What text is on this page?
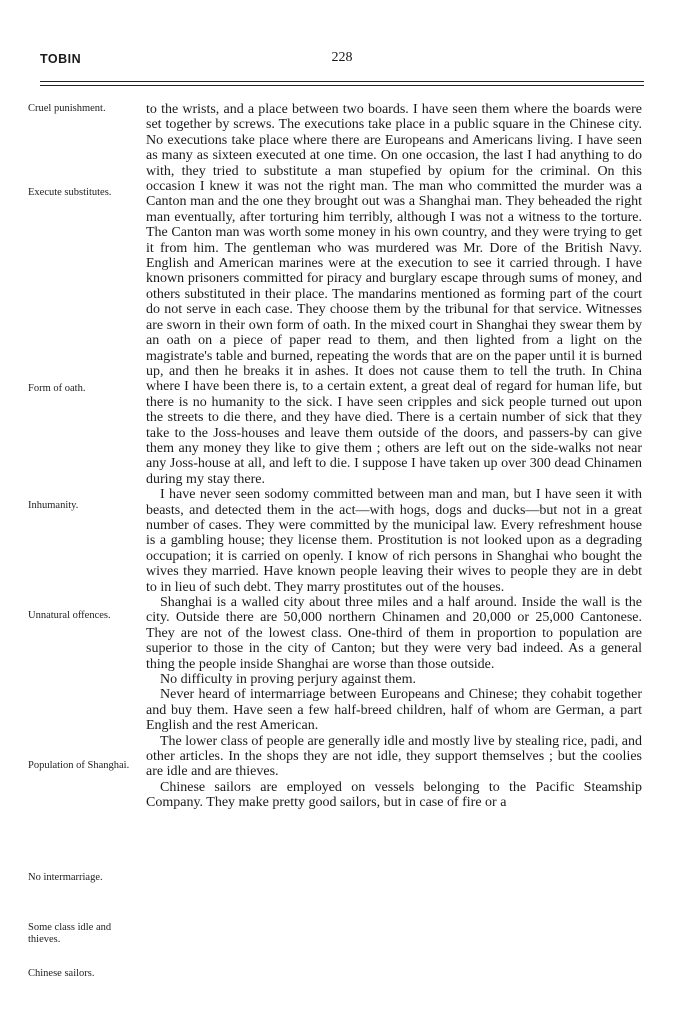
TOBIN	228
Cruel punishment.
Execute substitutes.
Form of oath.
Inhumanity.
Unnatural offences.
Population of Shanghai.
No intermarriage.
Some class idle and thieves.
Chinese sailors.

to the wrists, and a place between two boards. I have seen them where the boards were set together by screws. The executions take place in a public square in the Chinese city. No executions take place where there are Europeans and Americans living. I have seen as many as sixteen executed at one time. On one occasion, the last I had anything to do with, they tried to substitute a man stupefied by opium for the criminal. On this occasion I knew it was not the right man. The man who committed the murder was a Canton man and the one they brought out was a Shanghai man. They beheaded the right man eventually, after torturing him terribly, although I was not a witness to the torture. The Canton man was worth some money in his own country, and they were trying to get it from him. The gentleman who was murdered was Mr. Dore of the British Navy. English and American marines were at the execution to see it carried through. I have known prisoners committed for piracy and burglary escape through sums of money, and others substituted in their place. The mandarins mentioned as forming part of the court do not serve in each case. They choose them by the tribunal for that service. Witnesses are sworn in their own form of oath. In the mixed court in Shanghai they swear them by an oath on a piece of paper read to them, and then lighted from a light on the magistrate's table and burned, repeating the words that are on the paper until it is burned up, and then he breaks it in ashes. It does not cause them to tell the truth. In China where I have been there is, to a certain extent, a great deal of regard for human life, but there is no humanity to the sick. I have seen cripples and sick people turned out upon the streets to die there, and they have died. There is a certain number of sick that they take to the Joss-houses and leave them outside of the doors, and passers-by can give them any money they like to give them ; others are left out on the side-walks not near any Joss-house at all, and left to die. I suppose I have taken up over 300 dead Chinamen during my stay there.

I have never seen sodomy committed between man and man, but I have seen it with beasts, and detected them in the act—with hogs, dogs and ducks—but not in a great number of cases. They were committed by the municipal law. Every refreshment house is a gambling house; they license them. Prostitution is not looked upon as a degrading occupation; it is carried on openly. I know of rich persons in Shanghai who bought the wives they married. Have known people leaving their wives to people they are in debt to in lieu of such debt. They marry prostitutes out of the houses.

Shanghai is a walled city about three miles and a half around. Inside the wall is the city. Outside there are 50,000 northern Chinamen and 20,000 or 25,000 Cantonese. They are not of the lowest class. One-third of them in proportion to population are superior to those in the city of Canton; but they were very bad indeed. As a general thing the people inside Shanghai are worse than those outside.

No difficulty in proving perjury against them.

Never heard of intermarriage between Europeans and Chinese; they cohabit together and buy them. Have seen a few half-breed children, half of whom are German, a part English and the rest American.

The lower class of people are generally idle and mostly live by stealing rice, padi, and other articles. In the shops they are not idle, they support themselves ; but the coolies are idle and are thieves.

Chinese sailors are employed on vessels belonging to the Pacific Steamship Company. They make pretty good sailors, but in case of fire or a
